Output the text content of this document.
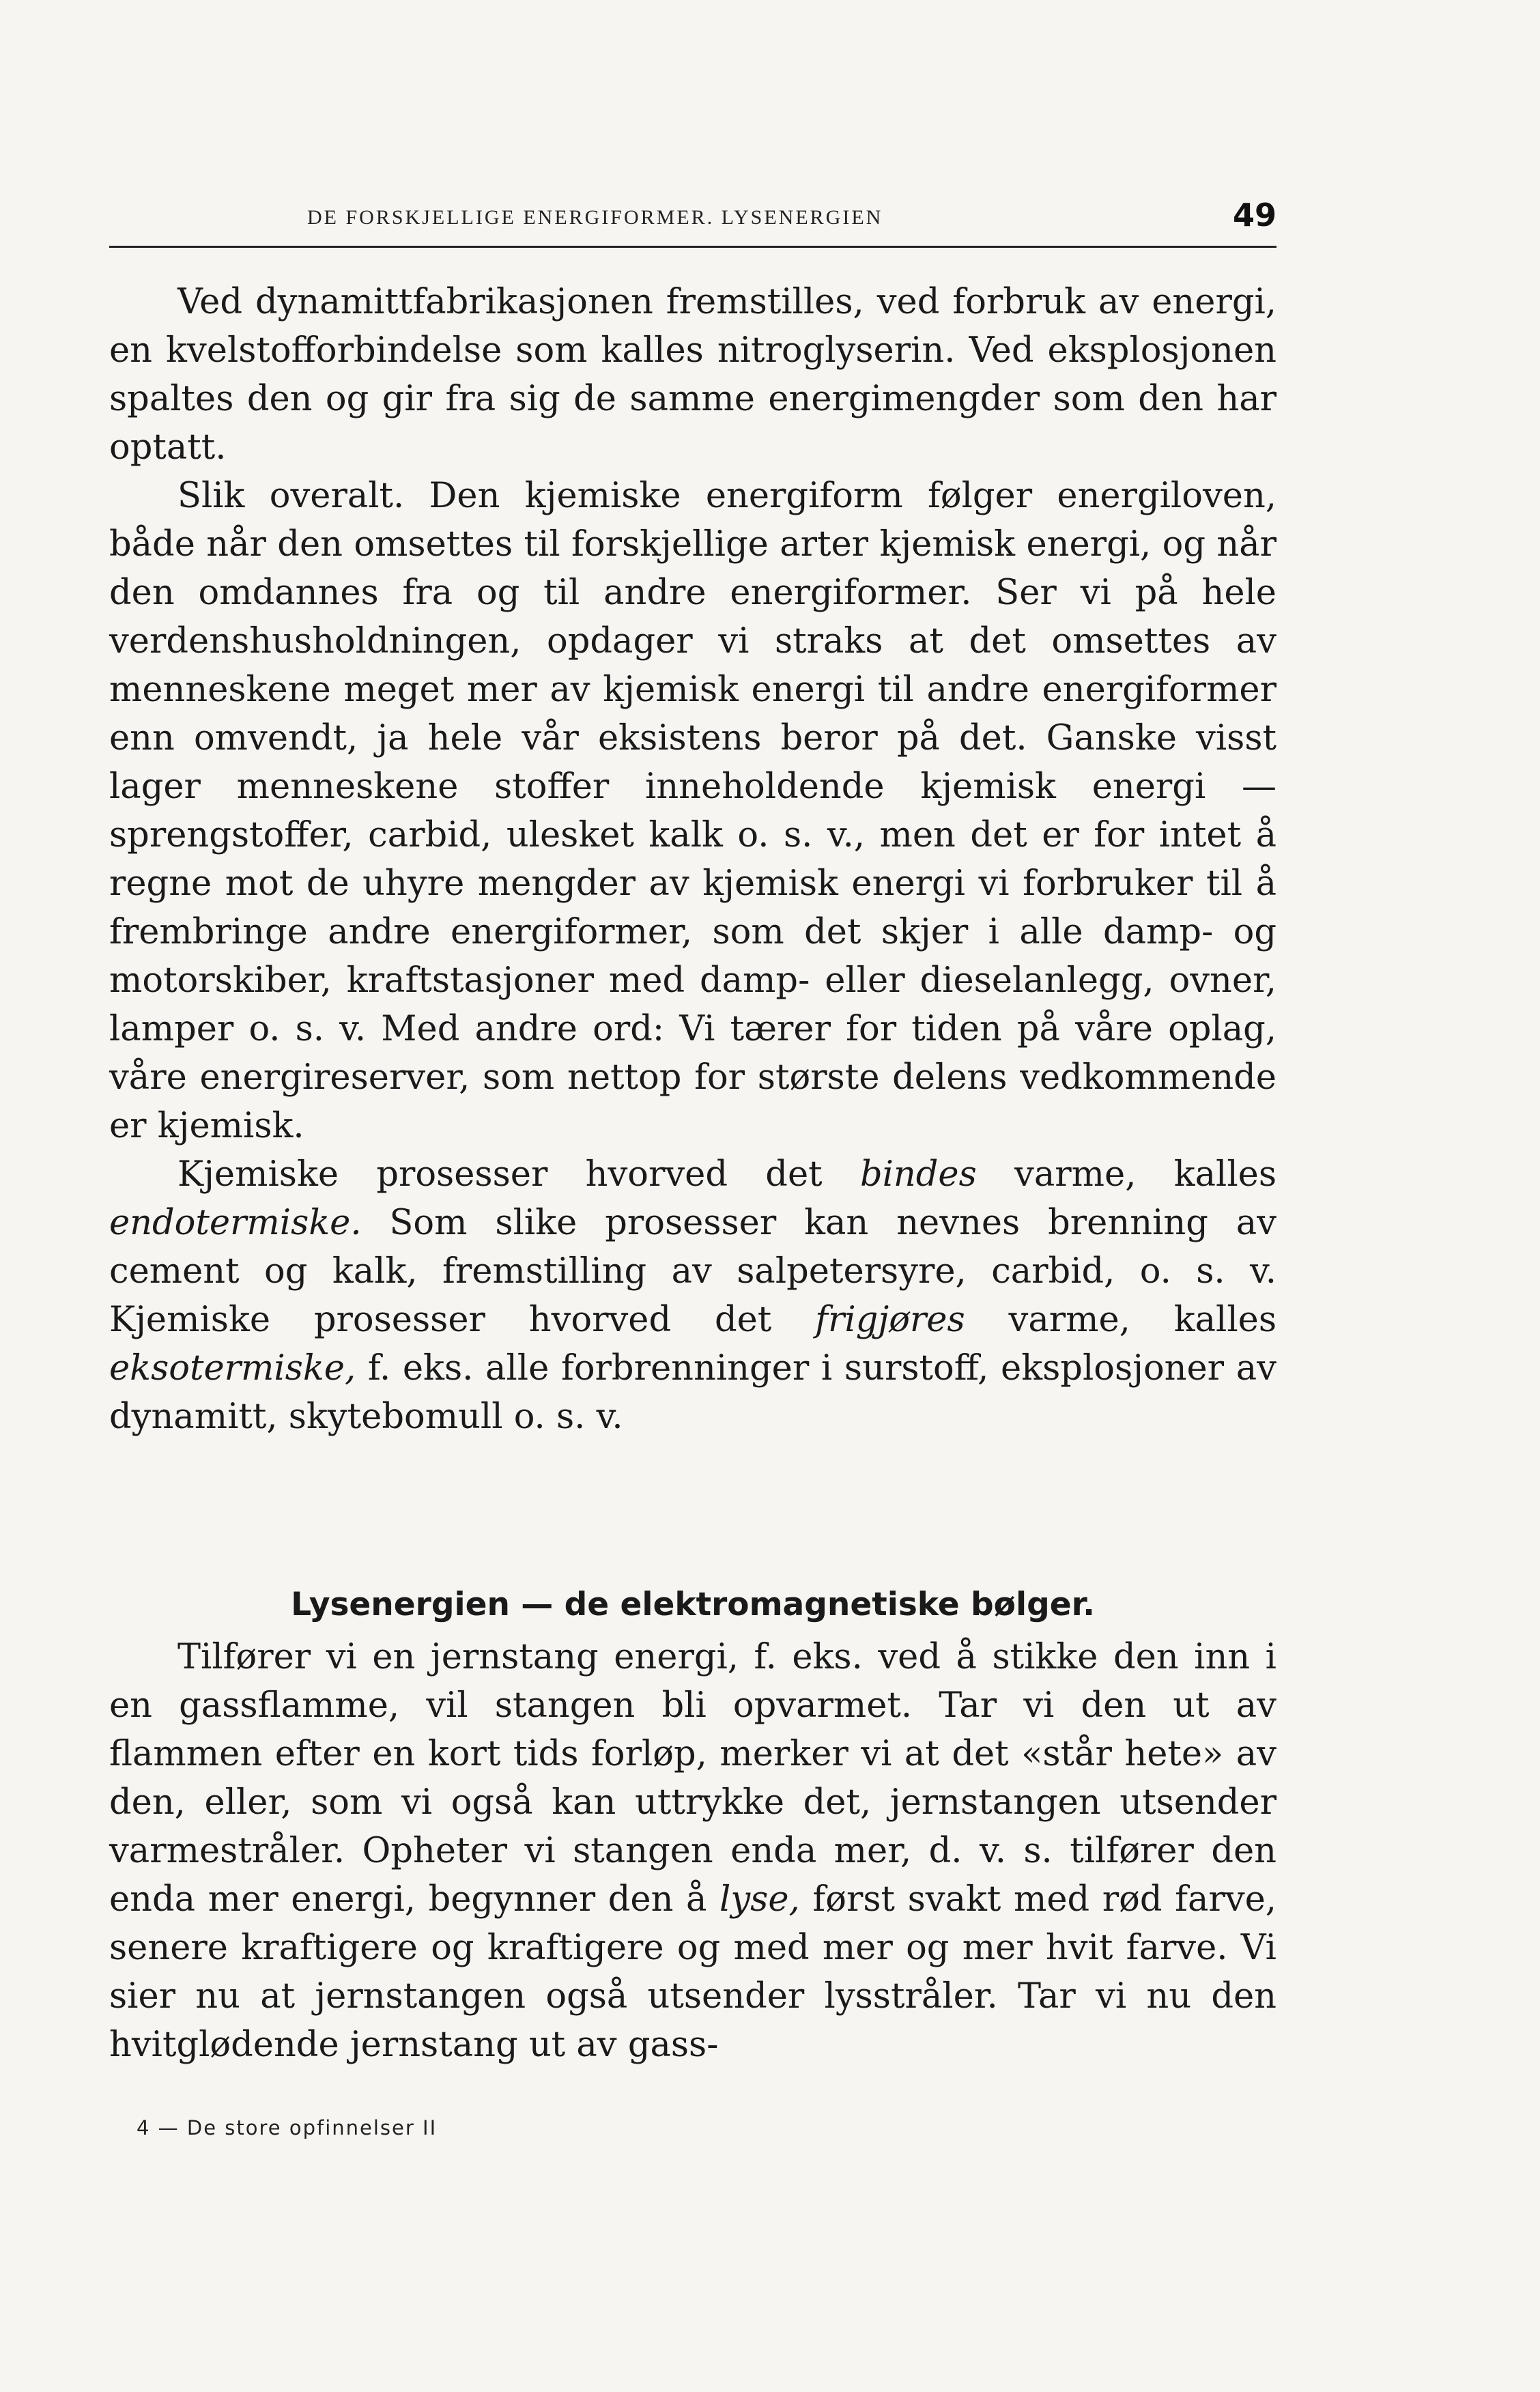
DE FORSKJELLIGE ENERGIFORMER. LYSENERGIEN	49

Ved dynamittfabrikasjonen fremstilles, ved forbruk av energi, en kvelstofforbindelse som kalles nitroglyserin. Ved eksplosjonen spaltes den og gir fra sig de samme energimengder som den har optatt.

Slik overalt. Den kjemiske energiform følger energiloven, både når den omsettes til forskjellige arter kjemisk energi, og når den omdannes fra og til andre energiformer. Ser vi på hele verdenshusholdningen, opdager vi straks at det omsettes av menneskene meget mer av kjemisk energi til andre energiformer enn omvendt, ja hele vår eksistens beror på det. Ganske visst lager menneskene stoffer inneholdende kjemisk energi — sprengstoffer, carbid, ulesket kalk o. s. v., men det er for intet å regne mot de uhyre mengder av kjemisk energi vi forbruker til å frembringe andre energiformer, som det skjer i alle damp- og motorskiber, kraftstasjoner med damp- eller dieselanlegg, ovner, lamper o. s. v. Med andre ord: Vi tærer for tiden på våre oplag, våre energireserver, som nettop for største delens vedkommende er kjemisk.

Kjemiske prosesser hvorved det bindes varme, kalles endotermiske. Som slike prosesser kan nevnes brenning av cement og kalk, fremstilling av salpetersyre, carbid, o. s. v. Kjemiske prosesser hvorved det frigjøres varme, kalles eksotermiske, f. eks. alle forbrenninger i surstoff, eksplosjoner av dynamitt, skytebomull o. s. v.

Lysenergien — de elektromagnetiske bølger.

Tilfører vi en jernstang energi, f. eks. ved å stikke den inn i en gassflamme, vil stangen bli opvarmet. Tar vi den ut av flammen efter en kort tids forløp, merker vi at det «står hete» av den, eller, som vi også kan uttrykke det, jernstangen utsender varmestråler. Opheter vi stangen enda mer, d. v. s. tilfører den enda mer energi, begynner den å lyse, først svakt med rød farve, senere kraftigere og kraftigere og med mer og mer hvit farve. Vi sier nu at jernstangen også utsender lysstråler. Tar vi nu den hvitglødende jernstang ut av gass-

4 — De store opfinnelser II
